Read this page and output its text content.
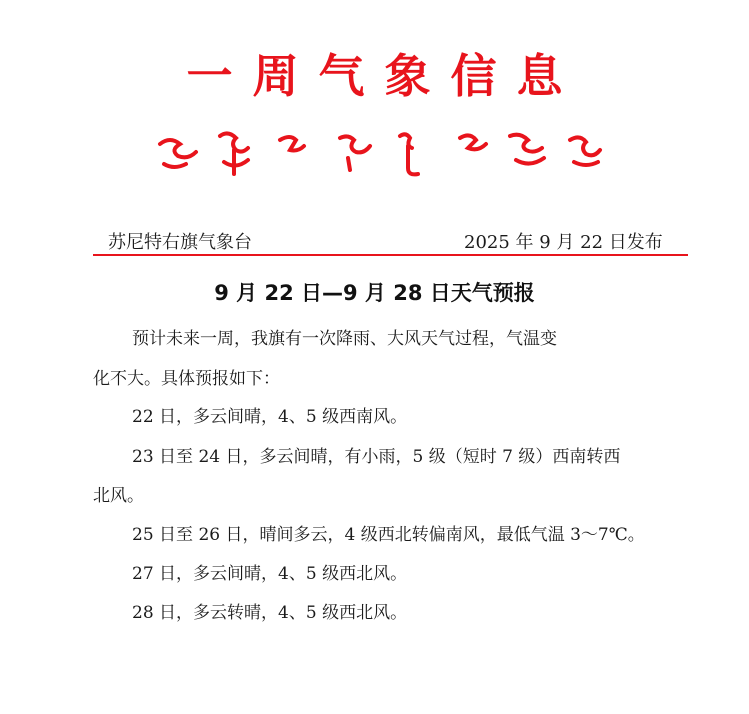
一周气象信息
苏尼特右旗气象台	2025 年 9 月 22 日发布
9 月 22 日—9 月 28 日天气预报
预计未来一周，我旗有一次降雨、大风天气过程，气温变
化不大。具体预报如下：
22 日，多云间晴，4、5 级西南风。
23 日至 24 日，多云间晴，有小雨，5 级（短时 7 级）西南转西
北风。
25 日至 26 日，晴间多云，4 级西北转偏南风，最低气温 3～7℃。
27 日，多云间晴，4、5 级西北风。
28 日，多云转晴，4、5 级西北风。
